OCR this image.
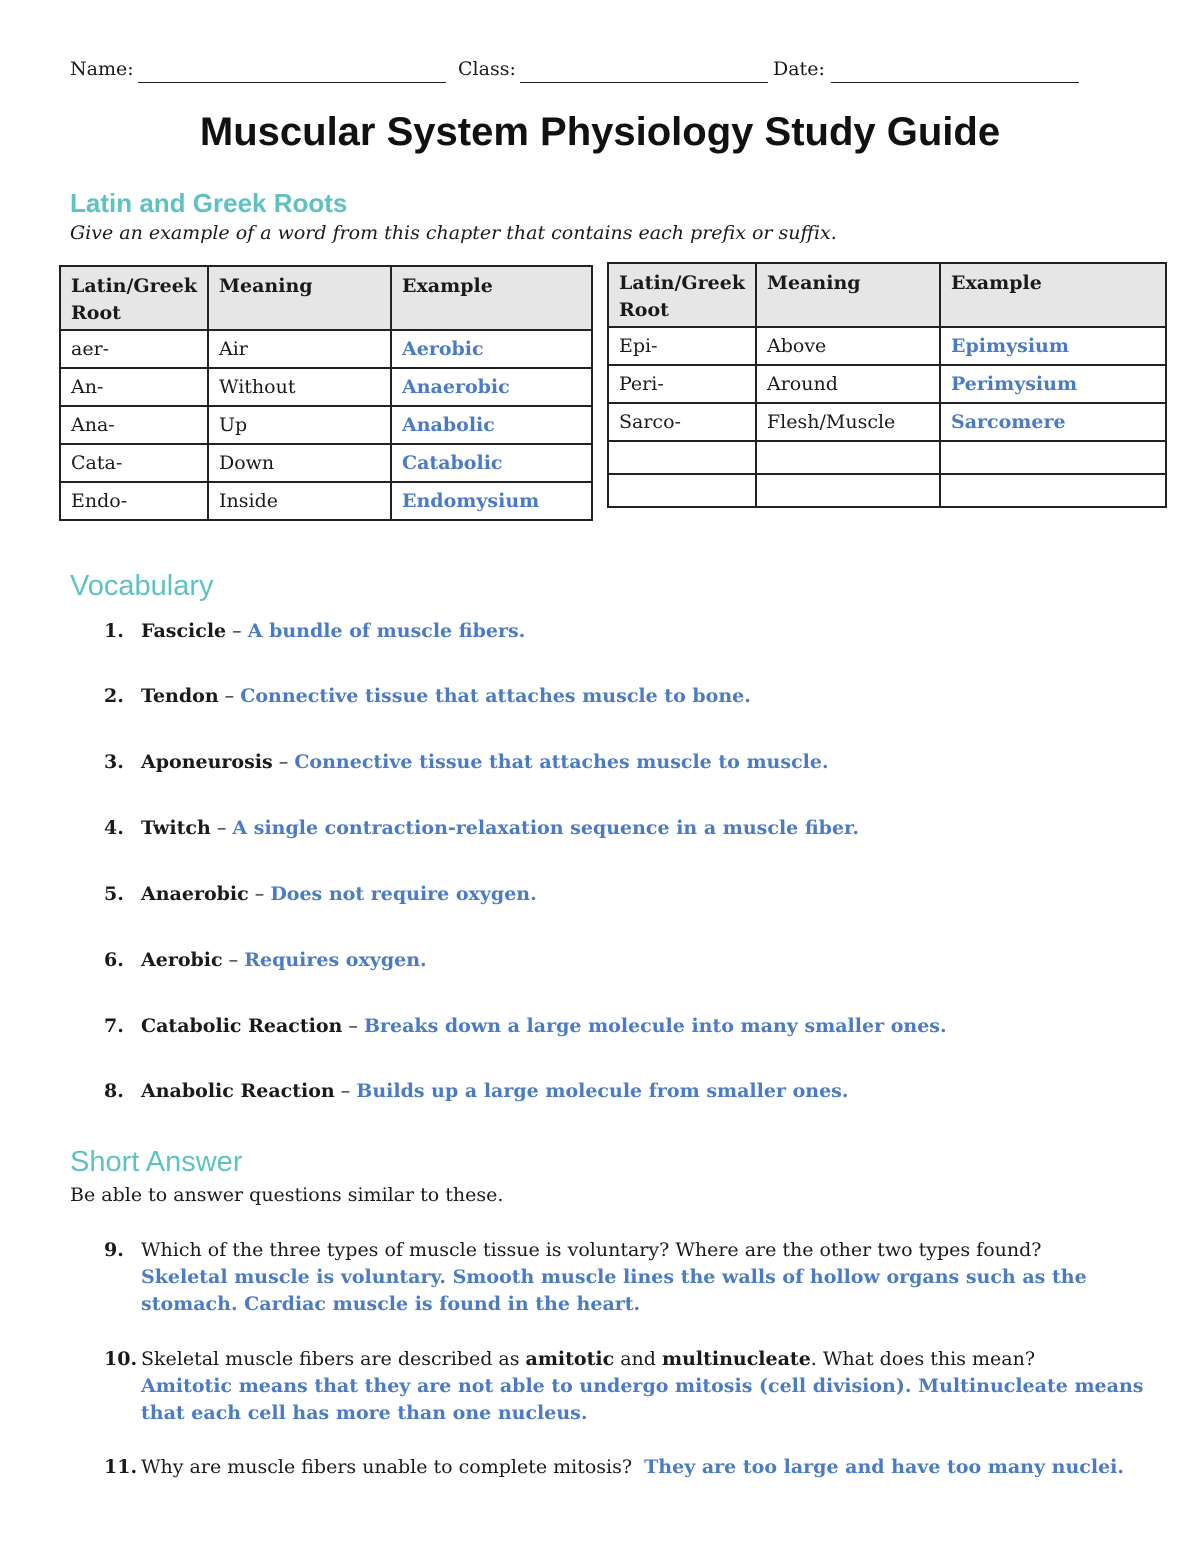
Name:	Class:	Date:
Muscular System Physiology Study Guide
Latin and Greek Roots
Give an example of a word from this chapter that contains each prefix or suffix.
Latin/Greek Root	Meaning	Example
aer-	Air	Aerobic
An-	Without	Anaerobic
Ana-	Up	Anabolic
Cata-	Down	Catabolic
Endo-	Inside	Endomysium
Latin/Greek Root	Meaning	Example
Epi-	Above	Epimysium
Peri-	Around	Perimysium
Sarco-	Flesh/Muscle	Sarcomere

Vocabulary
1. Fascicle – A bundle of muscle fibers.
2. Tendon – Connective tissue that attaches muscle to bone.
3. Aponeurosis – Connective tissue that attaches muscle to muscle.
4. Twitch – A single contraction-relaxation sequence in a muscle fiber.
5. Anaerobic – Does not require oxygen.
6. Aerobic – Requires oxygen.
7. Catabolic Reaction – Breaks down a large molecule into many smaller ones.
8. Anabolic Reaction – Builds up a large molecule from smaller ones.
Short Answer
Be able to answer questions similar to these.
9. Which of the three types of muscle tissue is voluntary? Where are the other two types found?
Skeletal muscle is voluntary. Smooth muscle lines the walls of hollow organs such as the stomach. Cardiac muscle is found in the heart.
10. Skeletal muscle fibers are described as amitotic and multinucleate. What does this mean?
Amitotic means that they are not able to undergo mitosis (cell division). Multinucleate means that each cell has more than one nucleus.
11. Why are muscle fibers unable to complete mitosis? They are too large and have too many nuclei.
